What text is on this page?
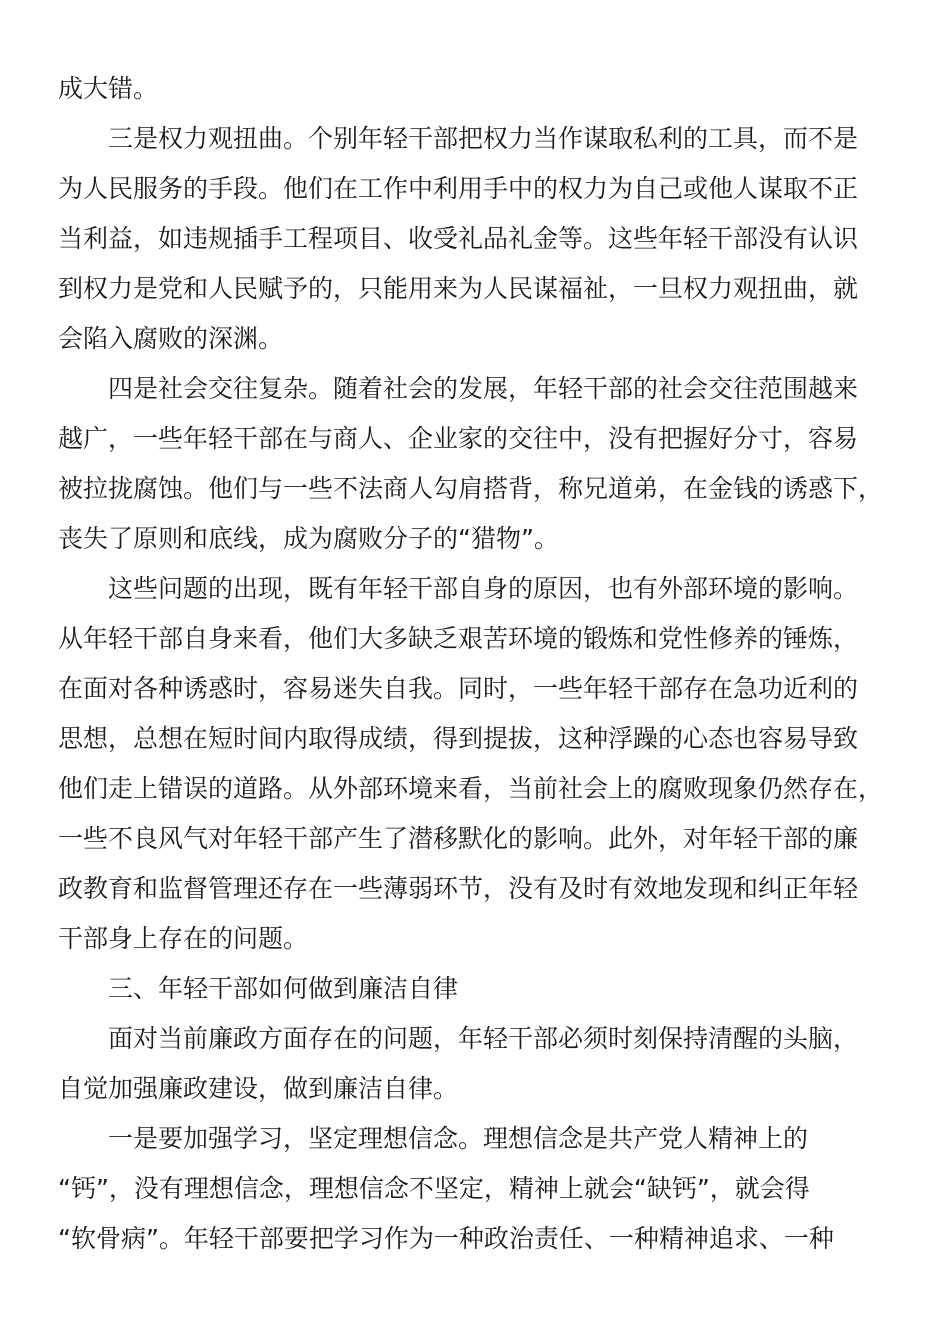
成大错。

三是权力观扭曲。个别年轻干部把权力当作谋取私利的工具，而不是

为人民服务的手段。他们在工作中利用手中的权力为自己或他人谋取不正

当利益，如违规插手工程项目、收受礼品礼金等。这些年轻干部没有认识

到权力是党和人民赋予的，只能用来为人民谋福祉，一旦权力观扭曲，就

会陷入腐败的深渊。

四是社会交往复杂。随着社会的发展，年轻干部的社会交往范围越来

越广，一些年轻干部在与商人、企业家的交往中，没有把握好分寸，容易

被拉拢腐蚀。他们与一些不法商人勾肩搭背，称兄道弟，在金钱的诱惑下，

丧失了原则和底线，成为腐败分子的“猎物”。

这些问题的出现，既有年轻干部自身的原因，也有外部环境的影响。

从年轻干部自身来看，他们大多缺乏艰苦环境的锻炼和党性修养的锤炼，

在面对各种诱惑时，容易迷失自我。同时，一些年轻干部存在急功近利的

思想，总想在短时间内取得成绩，得到提拔，这种浮躁的心态也容易导致

他们走上错误的道路。从外部环境来看，当前社会上的腐败现象仍然存在，

一些不良风气对年轻干部产生了潜移默化的影响。此外，对年轻干部的廉

政教育和监督管理还存在一些薄弱环节，没有及时有效地发现和纠正年轻

干部身上存在的问题。

三、年轻干部如何做到廉洁自律

面对当前廉政方面存在的问题，年轻干部必须时刻保持清醒的头脑，

自觉加强廉政建设，做到廉洁自律。

一是要加强学习，坚定理想信念。理想信念是共产党人精神上的

“钙”，没有理想信念，理想信念不坚定，精神上就会“缺钙”，就会得

“软骨病”。年轻干部要把学习作为一种政治责任、一种精神追求、一种
